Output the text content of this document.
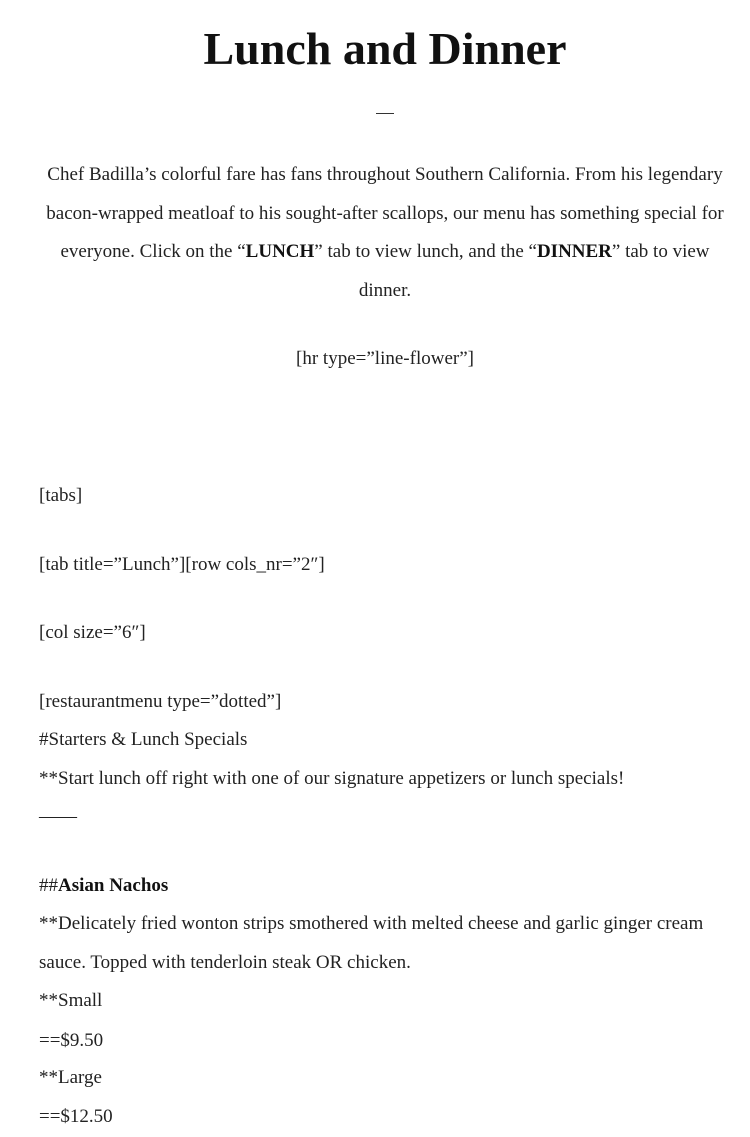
Lunch and Dinner

Chef Badilla’s colorful fare has fans throughout Southern California. From his legendary bacon-wrapped meatloaf to his sought-after scallops, our menu has something special for everyone. Click on the “LUNCH” tab to view lunch, and the “DINNER” tab to view dinner.

[hr type=”line-flower”]

[tabs]

[tab title=”Lunch”][row cols_nr=”2″]

[col size=”6″]

[restaurantmenu type=”dotted”]

#Starters & Lunch Specials

**Start lunch off right with one of our signature appetizers or lunch specials!

——

##Asian Nachos

**Delicately fried wonton strips smothered with melted cheese and garlic ginger cream sauce. Topped with tenderloin steak OR chicken.

**Small

==$9.50

**Large

==$12.50
